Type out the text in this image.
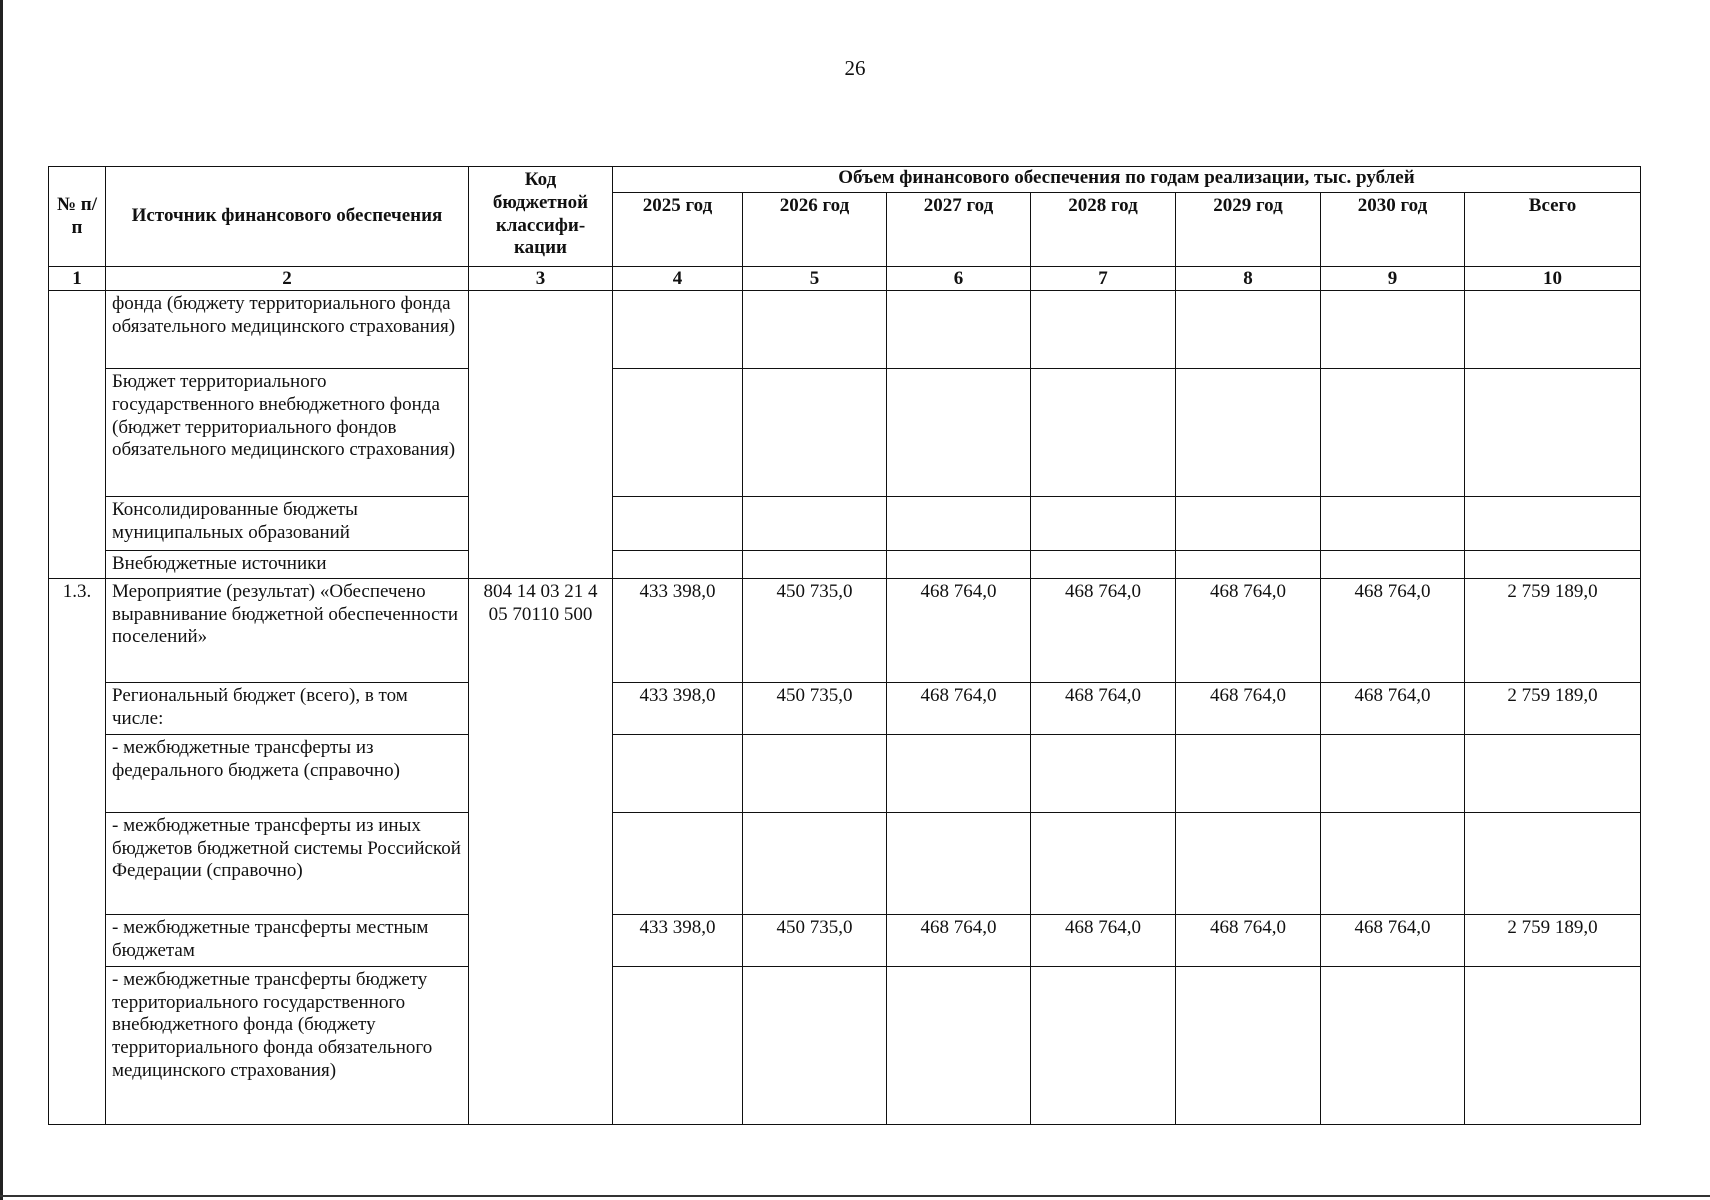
26
№ п/п	Источник финансового обеспечения	Код бюджетной классифи-кации	Объем финансового обеспечения по годам реализации, тыс. рублей						
			2025 год	2026 год	2027 год	2028 год	2029 год	2030 год	Всего
1	2	3	4	5	6	7	8	9	10
	фонда (бюджету территориального фонда обязательного медицинского страхования)								
	Бюджет территориального государственного внебюджетного фонда (бюджет территориального фондов обязательного медицинского страхования)								
	Консолидированные бюджеты муниципальных образований								
	Внебюджетные источники								
1.3.	Мероприятие (результат) «Обеспечено выравнивание бюджетной обеспеченности поселений»	804 14 03 21 4 05 70110 500	433 398,0	450 735,0	468 764,0	468 764,0	468 764,0	468 764,0	2 759 189,0
	Региональный бюджет (всего), в том числе:		433 398,0	450 735,0	468 764,0	468 764,0	468 764,0	468 764,0	2 759 189,0
	- межбюджетные трансферты из федерального бюджета (справочно)								
	- межбюджетные трансферты из иных бюджетов бюджетной системы Российской Федерации (справочно)								
	- межбюджетные трансферты местным бюджетам		433 398,0	450 735,0	468 764,0	468 764,0	468 764,0	468 764,0	2 759 189,0
	- межбюджетные трансферты бюджету территориального государственного внебюджетного фонда (бюджету территориального фонда обязательного медицинского страхования)								
